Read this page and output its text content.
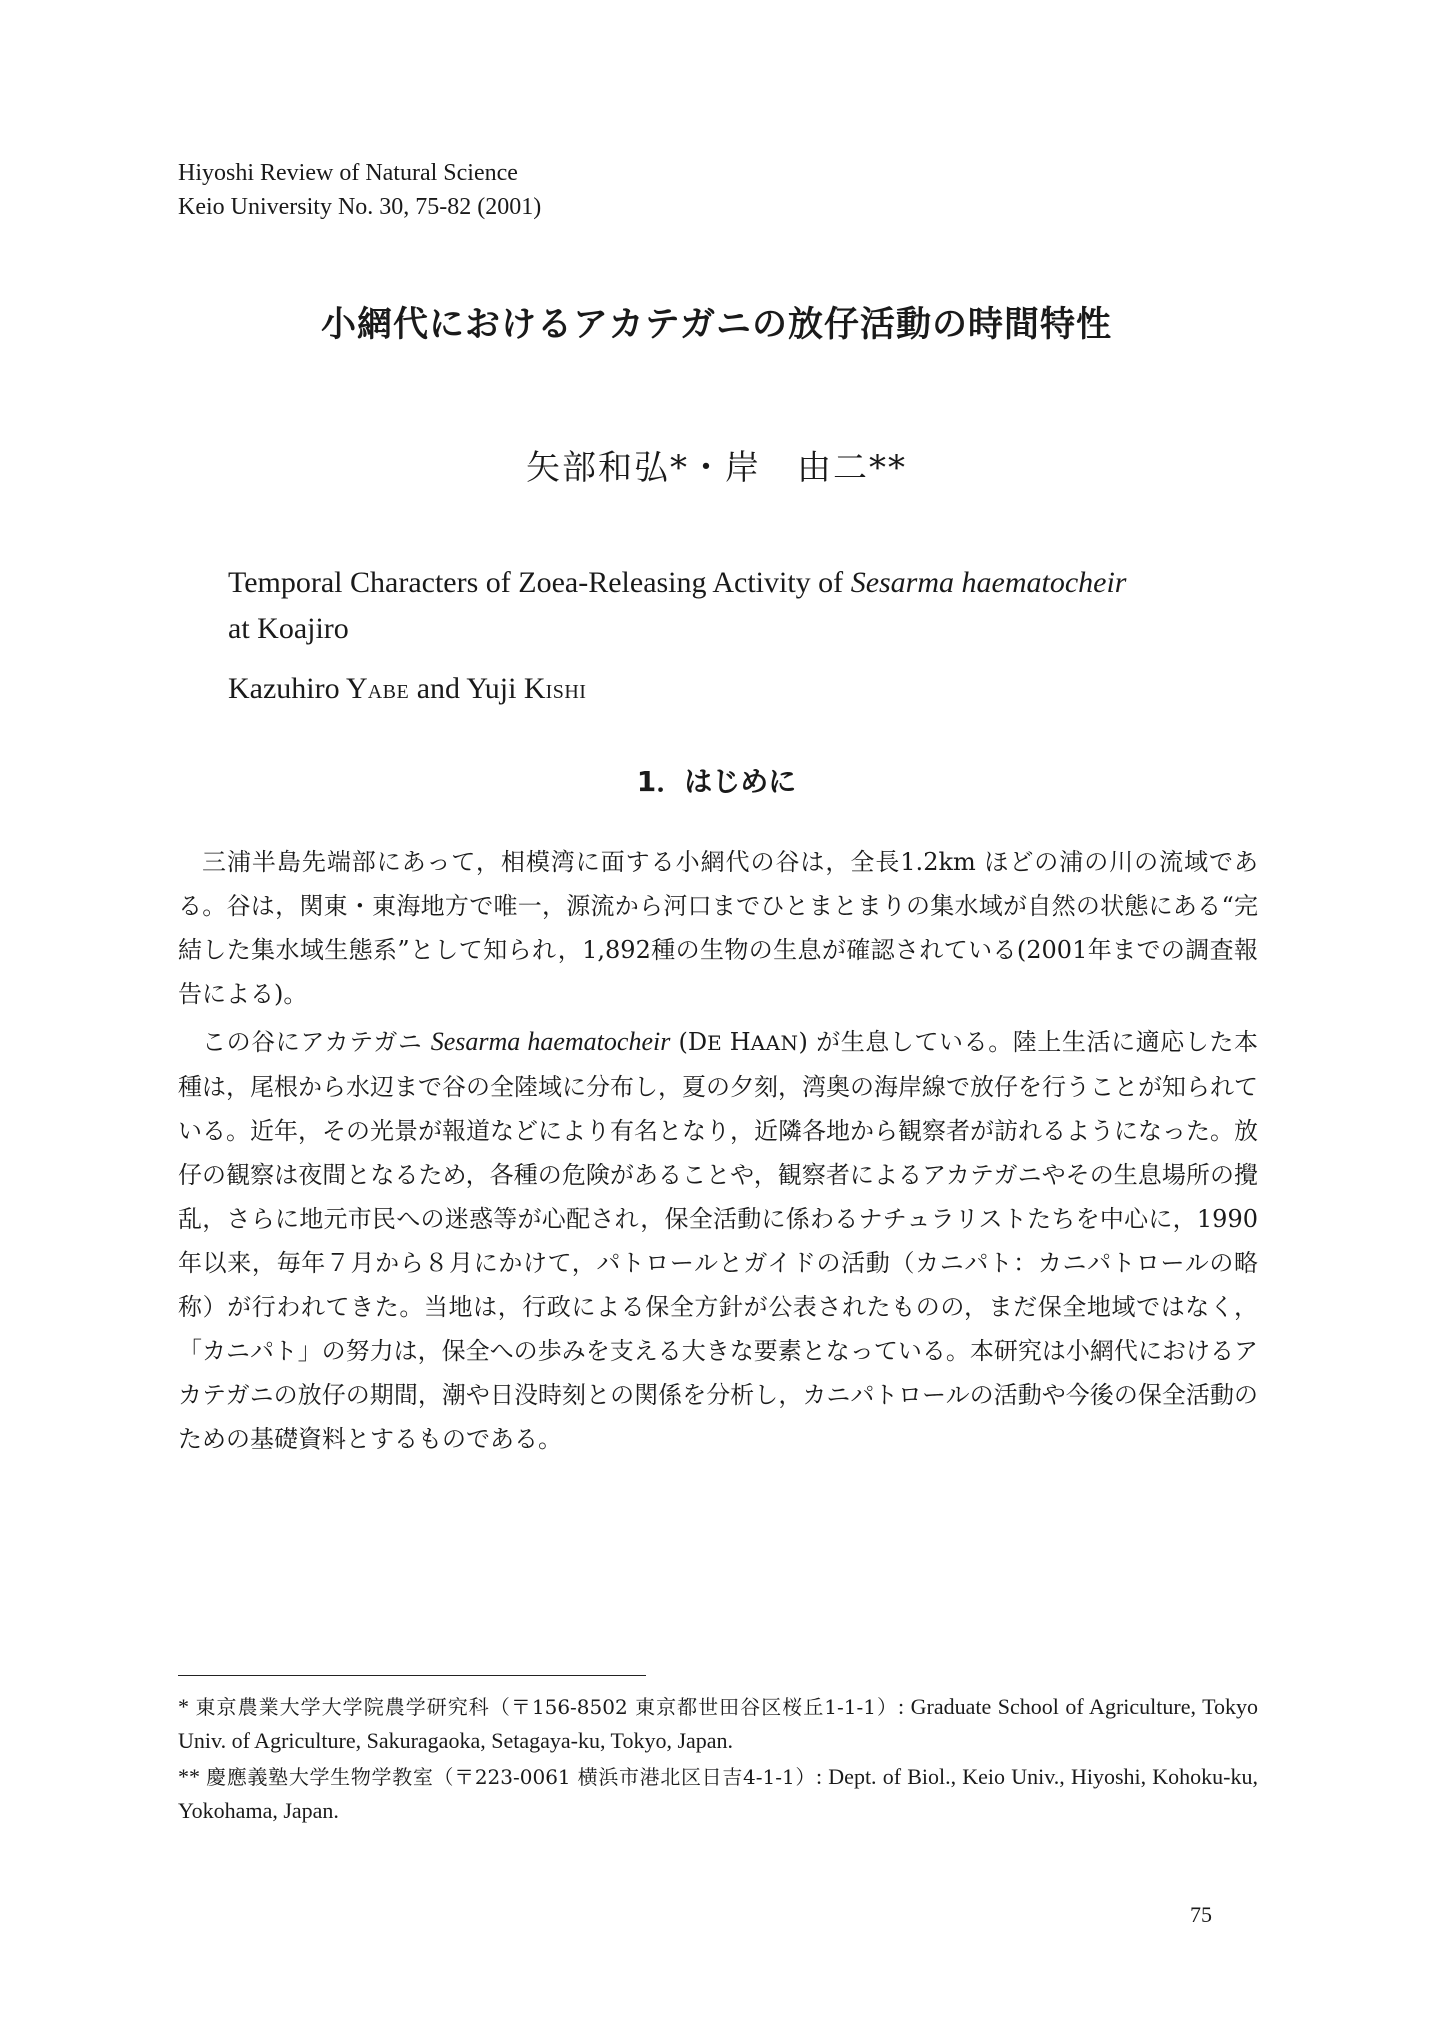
Hiyoshi Review of Natural Science
Keio University No. 30, 75-82 (2001)
小網代におけるアカテガニの放仔活動の時間特性
矢部和弘*・岸　由二**
Temporal Characters of Zoea-Releasing Activity of Sesarma haematocheir
at Koajiro
Kazuhiro YABE and Yuji KISHI
1．はじめに

三浦半島先端部にあって，相模湾に面する小網代の谷は，全長1.2km ほどの浦の川の流域である。谷は，関東・東海地方で唯一，源流から河口までひとまとまりの集水域が自然の状態にある“完結した集水域生態系”として知られ，1,892種の生物の生息が確認されている(2001年までの調査報告による)。

この谷にアカテガニ Sesarma haematocheir (DE HAAN) が生息している。陸上生活に適応した本種は，尾根から水辺まで谷の全陸域に分布し，夏の夕刻，湾奥の海岸線で放仔を行うことが知られている。近年，その光景が報道などにより有名となり，近隣各地から観察者が訪れるようになった。放仔の観察は夜間となるため，各種の危険があることや，観察者によるアカテガニやその生息場所の攪乱，さらに地元市民への迷惑等が心配され，保全活動に係わるナチュラリストたちを中心に，1990年以来，毎年７月から８月にかけて，パトロールとガイドの活動（カニパト：カニパトロールの略称）が行われてきた。当地は，行政による保全方針が公表されたものの，まだ保全地域ではなく，「カニパト」の努力は，保全への歩みを支える大きな要素となっている。本研究は小網代におけるアカテガニの放仔の期間，潮や日没時刻との関係を分析し，カニパトロールの活動や今後の保全活動のための基礎資料とするものである。

* 東京農業大学大学院農学研究科（〒156-8502 東京都世田谷区桜丘1-1-1）: Graduate School of Agriculture, Tokyo Univ. of Agriculture, Sakuragaoka, Setagaya-ku, Tokyo, Japan.

** 慶應義塾大学生物学教室（〒223-0061 横浜市港北区日吉4-1-1）: Dept. of Biol., Keio Univ., Hiyoshi, Kohoku-ku, Yokohama, Japan.

75
